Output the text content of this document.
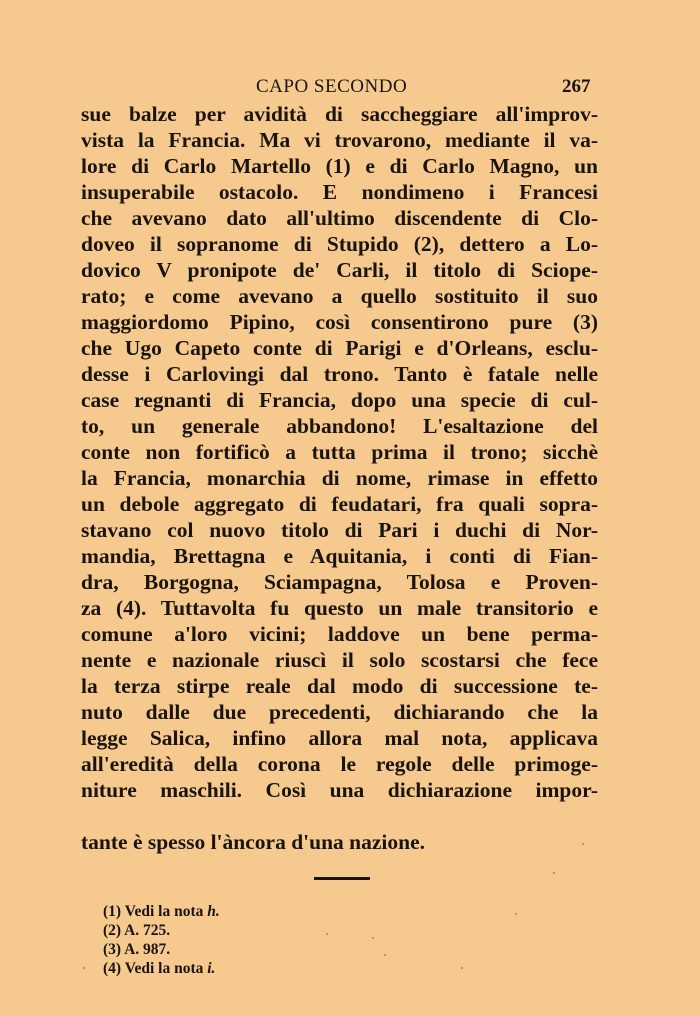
CAPO SECONDO	267
sue balze per avidità di saccheggiare all'improv-
vista la Francia. Ma vi trovarono, mediante il va-
lore di Carlo Martello (1) e di Carlo Magno, un
insuperabile ostacolo. E nondimeno i Francesi
che avevano dato all'ultimo discendente di Clo-
doveo il sopranome di Stupido (2), dettero a Lo-
dovico V pronipote de' Carli, il titolo di Sciope-
rato; e come avevano a quello sostituito il suo
maggiordomo Pipino, così consentirono pure (3)
che Ugo Capeto conte di Parigi e d'Orleans, esclu-
desse i Carlovingi dal trono. Tanto è fatale nelle
case regnanti di Francia, dopo una specie di cul-
to, un generale abbandono! L'esaltazione del
conte non fortificò a tutta prima il trono; sicchè
la Francia, monarchia di nome, rimase in effetto
un debole aggregato di feudatari, fra quali sopra-
stavano col nuovo titolo di Pari i duchi di Nor-
mandia, Brettagna e Aquitania, i conti di Fian-
dra, Borgogna, Sciampagna, Tolosa e Proven-
za (4). Tuttavolta fu questo un male transitorio e
comune a'loro vicini; laddove un bene perma-
nente e nazionale riuscì il solo scostarsi che fece
la terza stirpe reale dal modo di successione te-
nuto dalle due precedenti, dichiarando che la
legge Salica, infino allora mal nota, applicava
all'eredità della corona le regole delle primoge-
niture maschili. Così una dichiarazione impor-
tante è spesso l'àncora d'una nazione.
(1) Vedi la nota h.
(2) A. 725.
(3) A. 987.
(4) Vedi la nota i.
